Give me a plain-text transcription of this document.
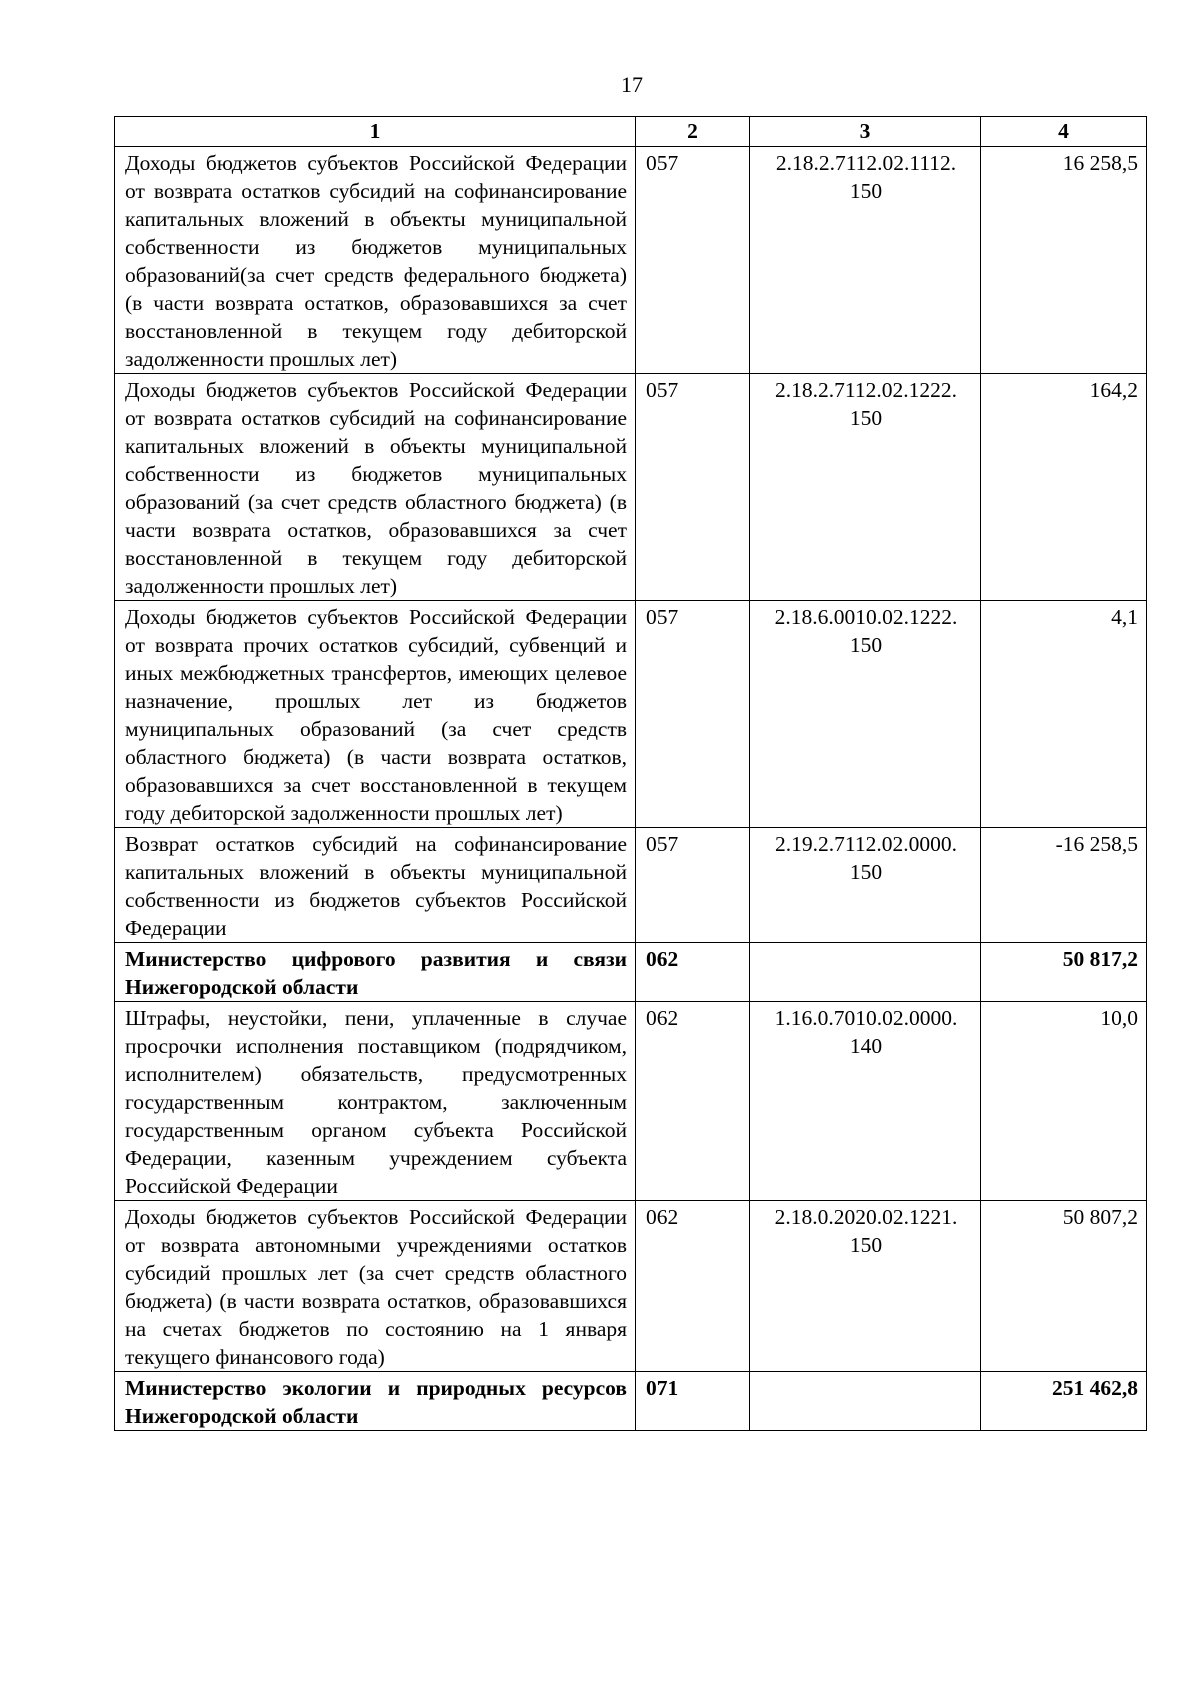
17
1	2	3	4
Доходы бюджетов субъектов Российской Федерации от возврата остатков субсидий на софинансирование капитальных вложений в объекты муниципальной собственности из бюджетов муниципальных образований(за счет средств федерального бюджета) (в части возврата остатков, образовавшихся за счет восстановленной в текущем году дебиторской задолженности прошлых лет)	057	2.18.2.7112.02.1112. 150	16 258,5
Доходы бюджетов субъектов Российской Федерации от возврата остатков субсидий на софинансирование капитальных вложений в объекты муниципальной собственности из бюджетов муниципальных образований (за счет средств областного бюджета) (в части возврата остатков, образовавшихся за счет восстановленной в текущем году дебиторской задолженности прошлых лет)	057	2.18.2.7112.02.1222. 150	164,2
Доходы бюджетов субъектов Российской Федерации от возврата прочих остатков субсидий, субвенций и иных межбюджетных трансфертов, имеющих целевое назначение, прошлых лет из бюджетов муниципальных образований (за счет средств областного бюджета) (в части возврата остатков, образовавшихся за счет восстановленной в текущем году дебиторской задолженности прошлых лет)	057	2.18.6.0010.02.1222. 150	4,1
Возврат остатков субсидий на софинансирование капитальных вложений в объекты муниципальной собственности из бюджетов субъектов Российской Федерации	057	2.19.2.7112.02.0000. 150	-16 258,5
Министерство цифрового развития и связи Нижегородской области	062		50 817,2
Штрафы, неустойки, пени, уплаченные в случае просрочки исполнения поставщиком (подрядчиком, исполнителем) обязательств, предусмотренных государственным контрактом, заключенным государственным органом субъекта Российской Федерации, казенным учреждением субъекта Российской Федерации	062	1.16.0.7010.02.0000. 140	10,0
Доходы бюджетов субъектов Российской Федерации от возврата автономными учреждениями остатков субсидий прошлых лет (за счет средств областного бюджета) (в части возврата остатков, образовавшихся на счетах бюджетов по состоянию на 1 января текущего финансового года)	062	2.18.0.2020.02.1221. 150	50 807,2
Министерство экологии и природных ресурсов Нижегородской области	071		251 462,8
